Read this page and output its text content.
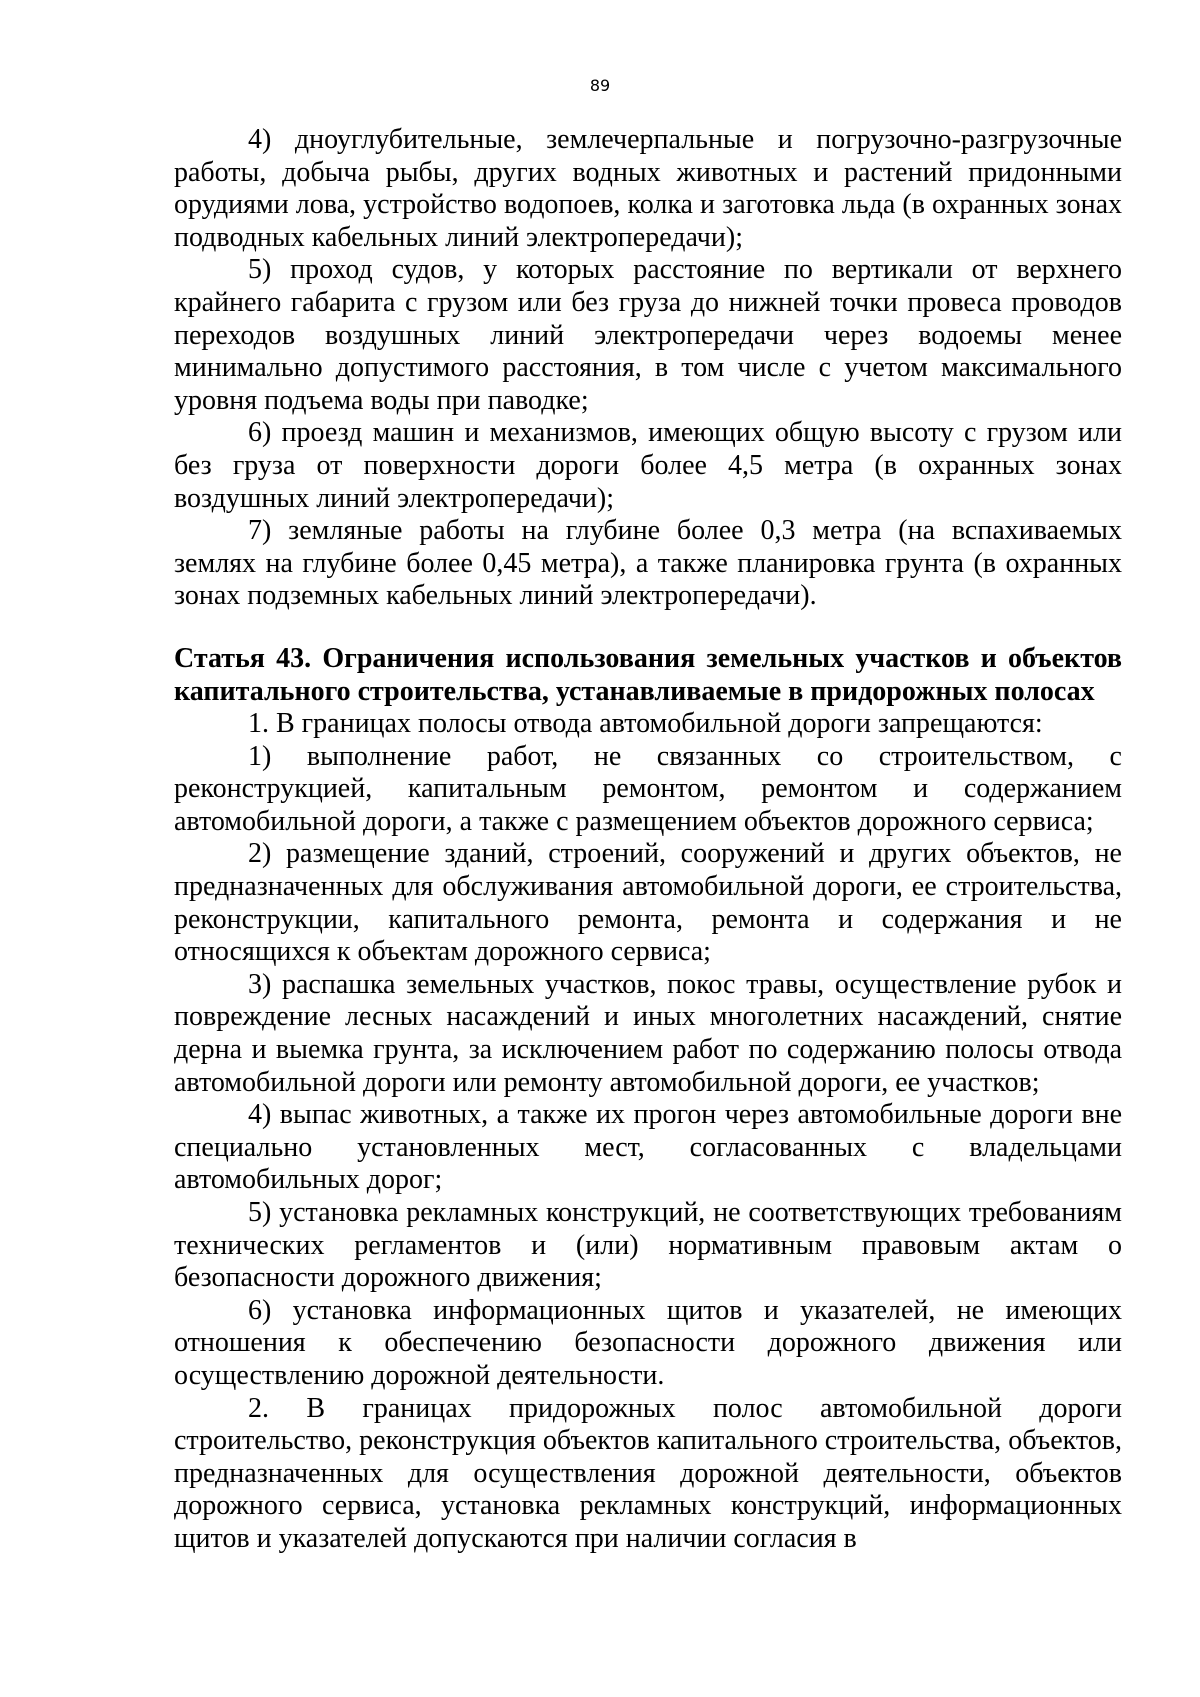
89

4) дноуглубительные, землечерпальные и погрузочно-разгрузочные работы, добыча рыбы, других водных животных и растений придонными орудиями лова, устройство водопоев, колка и заготовка льда (в охранных зонах подводных кабельных линий электропередачи);

5) проход судов, у которых расстояние по вертикали от верхнего крайнего габарита с грузом или без груза до нижней точки провеса проводов переходов воздушных линий электропередачи через водоемы менее минимально допустимого расстояния, в том числе с учетом максимального уровня подъема воды при паводке;

6) проезд машин и механизмов, имеющих общую высоту с грузом или без груза от поверхности дороги более 4,5 метра (в охранных зонах воздушных линий электропередачи);

7) земляные работы на глубине более 0,3 метра (на вспахиваемых землях на глубине более 0,45 метра), а также планировка грунта (в охранных зонах подземных кабельных линий электропередачи).

Статья 43. Ограничения использования земельных участков и объектов капитального строительства, устанавливаемые в придорожных полосах

1. В границах полосы отвода автомобильной дороги запрещаются:

1) выполнение работ, не связанных со строительством, с реконструкцией, капитальным ремонтом, ремонтом и содержанием автомобильной дороги, а также с размещением объектов дорожного сервиса;

2) размещение зданий, строений, сооружений и других объектов, не предназначенных для обслуживания автомобильной дороги, ее строительства, реконструкции, капитального ремонта, ремонта и содержания и не относящихся к объектам дорожного сервиса;

3) распашка земельных участков, покос травы, осуществление рубок и повреждение лесных насаждений и иных многолетних насаждений, снятие дерна и выемка грунта, за исключением работ по содержанию полосы отвода автомобильной дороги или ремонту автомобильной дороги, ее участков;

4) выпас животных, а также их прогон через автомобильные дороги вне специально установленных мест, согласованных с владельцами автомобильных дорог;

5) установка рекламных конструкций, не соответствующих требованиям технических регламентов и (или) нормативным правовым актам о безопасности дорожного движения;

6) установка информационных щитов и указателей, не имеющих отношения к обеспечению безопасности дорожного движения или осуществлению дорожной деятельности.

2. В границах придорожных полос автомобильной дороги строительство, реконструкция объектов капитального строительства, объектов, предназначенных для осуществления дорожной деятельности, объектов дорожного сервиса, установка рекламных конструкций, информационных щитов и указателей допускаются при наличии согласия в
